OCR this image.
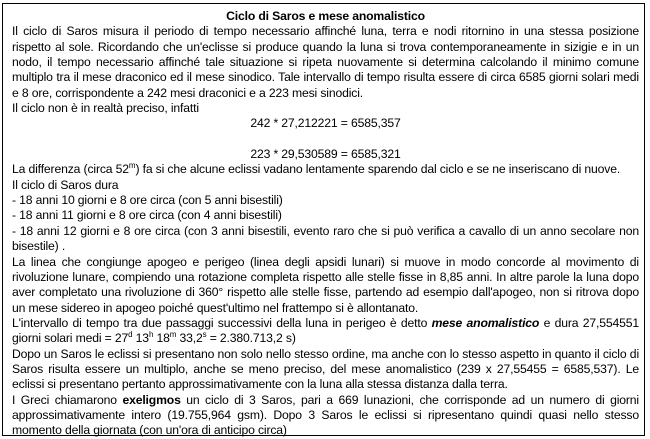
Ciclo di Saros e mese anomalistico

Il ciclo di Saros misura il periodo di tempo necessario affinché luna, terra e nodi ritornino in una stessa posizione rispetto al sole. Ricordando che un'eclisse si produce quando la luna si trova contemporaneamente in sizigie e in un nodo, il tempo necessario affinché tale situazione si ripeta nuovamente si determina calcolando il minimo comune multiplo tra il mese draconico ed il mese sinodico. Tale intervallo di tempo risulta essere di circa 6585 giorni solari medi e 8 ore, corrispondente a 242 mesi draconici e a 223 mesi sinodici.

Il ciclo non è in realtà preciso, infatti

242 * 27,212221 = 6585,357
223 * 29,530589 = 6585,321

La differenza (circa 52$^m$) fa si che alcune eclissi vadano lentamente sparendo dal ciclo e se ne inseriscano di nuove.

Il ciclo di Saros dura

- 18 anni 10 giorni e 8 ore circa (con 5 anni bisestili)

- 18 anni 11 giorni e 8 ore circa (con 4 anni bisestili)

- 18 anni 12 giorni e 8 ore circa (con 3 anni bisestili, evento raro che si può verifica a cavallo di un anno secolare non bisestile) .

La linea che congiunge apogeo e perigeo (linea degli apsidi lunari) si muove in modo concorde al movimento di rivoluzione lunare, compiendo una rotazione completa rispetto alle stelle fisse in 8,85 anni. In altre parole la luna dopo aver completato una rivoluzione di 360° rispetto alle stelle fisse, partendo ad esempio dall'apogeo, non si ritrova dopo un mese sidereo in apogeo poiché quest'ultimo nel frattempo si è allontanato.

L'intervallo di tempo tra due passaggi successivi della luna in perigeo è detto mese anomalistico e dura 27,554551 giorni solari medi = $27^d$ 13$^h$ 18$^m$ $33,2^s = 2.380.713,2$ s)

Dopo un Saros le eclissi si presentano non solo nello stesso ordine, ma anche con lo stesso aspetto in quanto il ciclo di Saros risulta essere un multiplo, anche se meno preciso, del mese anomalistico (239 x 27,55455 = 6585,537). Le eclissi si presentano pertanto approssimativamente con la luna alla stessa distanza dalla terra.

I Greci chiamarono exeligmos un ciclo di 3 Saros, pari a 669 lunazioni, che corrisponde ad un numero di giorni approssimativamente intero (19.755,964 gsm). Dopo 3 Saros le eclissi si ripresentano quindi quasi nello stesso momento della giornata (con un'ora di anticipo circa)
